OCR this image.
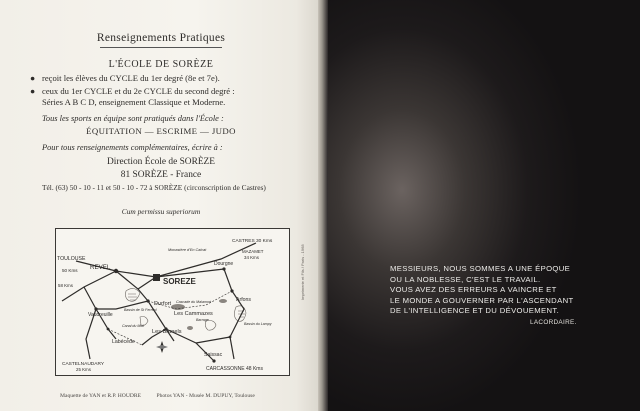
Renseignements Pratiques
L'ÉCOLE DE SORÈZE
● reçoit les élèves du CYCLE du 1er degré (8e et 7e).
● ceux du 1er CYCLE et du 2e CYCLE du second degré :
Séries A B C D, enseignement Classique et Moderne.
Tous les sports en équipe sont pratiqués dans l'École :
ÉQUITATION — ESCRIME — JUDO
Pour tous renseignements complémentaires, écrire à :
Direction École de SORÈZE
81 SORÈZE - France
Tél. (63) 50 - 10 - 11 et 50 - 10 - 72 à SORÈZE (circonscription de Castres)
Cum permissu superiorum
TOULOUSE
50 Kms REVEL
CASTRES 30 Kms
MAZAMET
34 Kms
Dourgne
SOREZE
Durfort
Les Cammazes
Arfons
Les Brunels
Vaudreuille
Labécède
Saissac
CASTELNAUDARY
25 Kms	CARCASSONNE 48 Kms
58 Kms
Monastère d'En Calcat
Bassin de St Ferréol
Cascade du Malamort
Barrage
Canal du Midi	Bassin du Lampy
Maquette de YAN et R.P. HOUDRE	Photos YAN - Musée M. DUPUY, Toulouse
Imprimerie et Fils / Paris - 1968	MESSIEURS, NOUS SOMMES A UNE ÉPOQUE
OU LA NOBLESSE, C'EST LE TRAVAIL.
VOUS AVEZ DES ERREURS A VAINCRE ET
LE MONDE A GOUVERNER PAR L'ASCENDANT
DE L'INTELLIGENCE ET DU DÉVOUEMENT.
LACORDAIRE.
